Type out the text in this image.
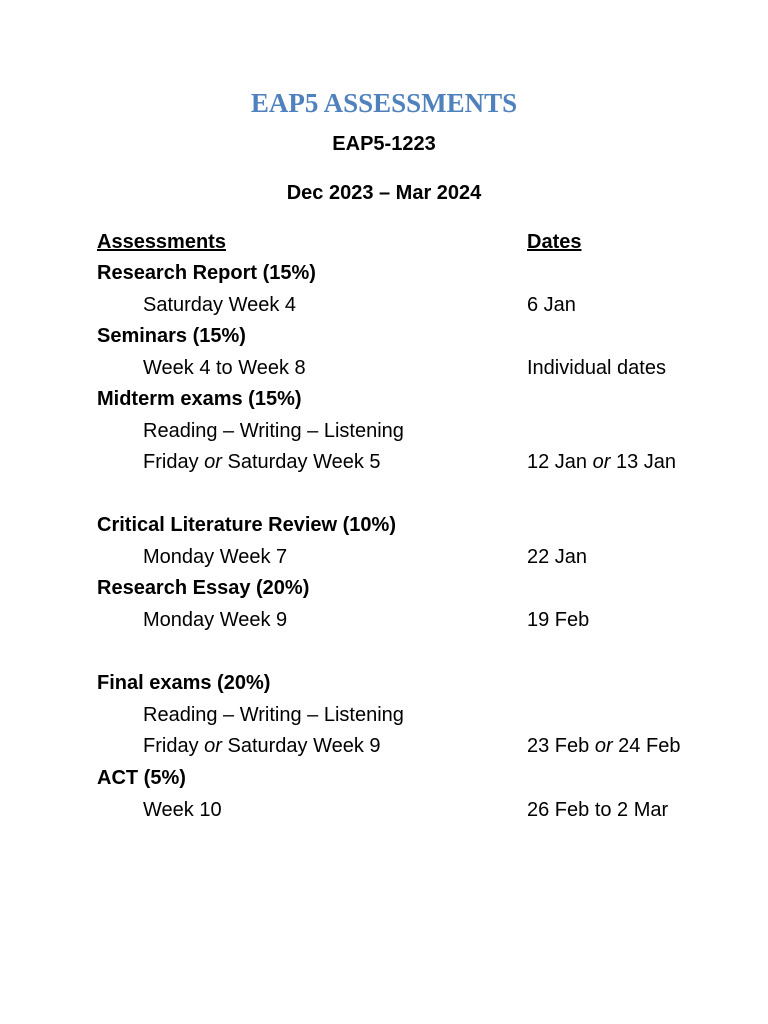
EAP5 ASSESSMENTS
EAP5-1223
Dec 2023 – Mar 2024
Assessments	Dates
Research Report (15%)
Saturday Week 4	6 Jan
Seminars (15%)
Week 4 to Week 8	Individual dates
Midterm exams (15%)
Reading – Writing – Listening
Friday or Saturday Week 5	12 Jan or 13 Jan
Critical Literature Review (10%)
Monday Week 7	22 Jan
Research Essay (20%)
Monday Week 9	19 Feb
Final exams (20%)
Reading – Writing – Listening
Friday or Saturday Week 9	23 Feb or 24 Feb
ACT (5%)
Week 10	26 Feb to 2 Mar
